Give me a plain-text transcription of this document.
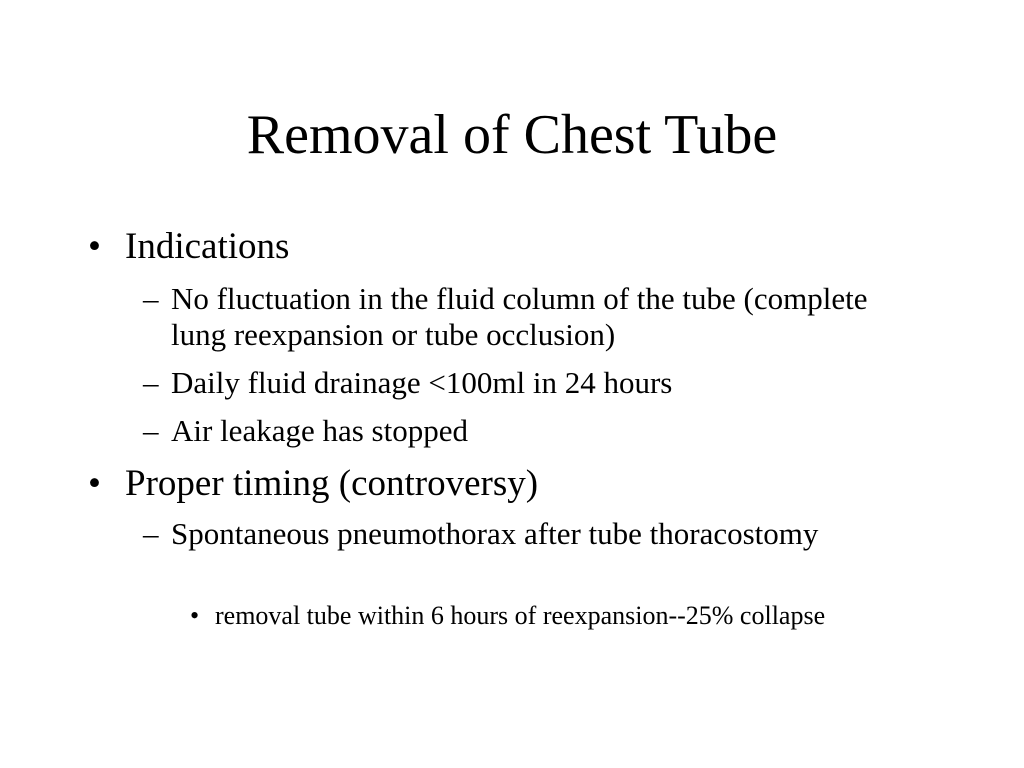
Removal of Chest Tube
• Indications
– No fluctuation in the fluid column of the tube (complete lung reexpansion or tube occlusion)
– Daily fluid drainage <100ml in 24 hours
– Air leakage has stopped
• Proper timing (controversy)
– Spontaneous pneumothorax after tube thoracostomy
• removal tube within 6 hours of reexpansion--25% collapse
